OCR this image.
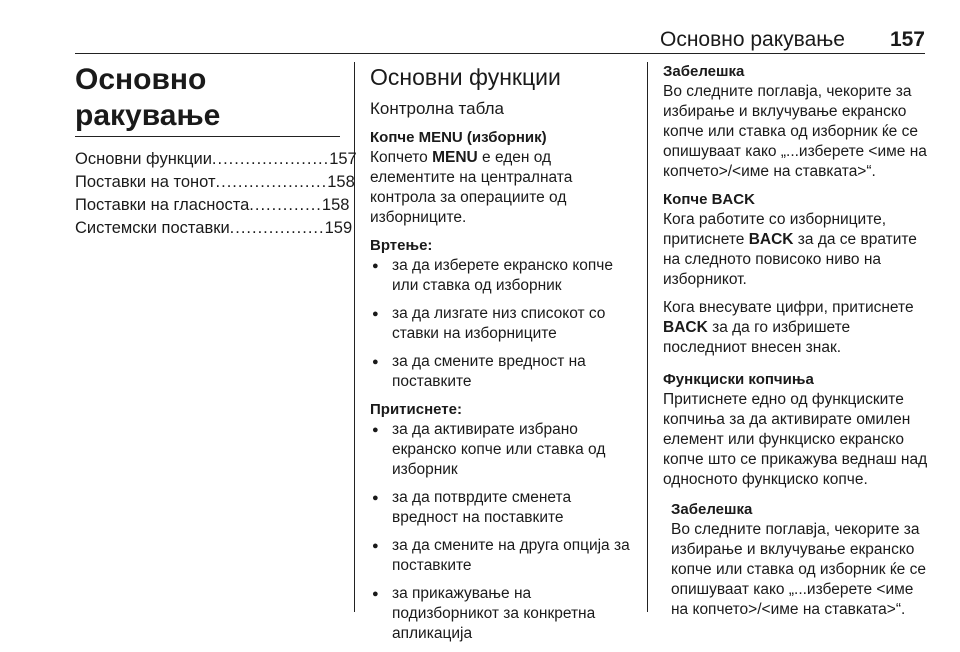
Основно ракување 157
Основно ракување
Основни функции ..................... 157
Поставки на тонот .................... 158
Поставки на гласноста ............. 158
Системски поставки ................. 159
Основни функции
Контролна табла
Копче MENU (изборник)

Копчето MENU е еден од елементите на централната контрола за операциите од изборниците.

Вртење:

● за да изберете екранско копче или ставка од изборник
● за да лизгате низ списокот со ставки на изборниците
● за да смените вредност на поставките

Притиснете:

● за да активирате избрано екранско копче или ставка од изборник
● за да потврдите сменета вредност на поставките
● за да смените на друга опција за поставките
● за прикажување на подизборникот за конкретна апликација

Забелешка

Во следните поглавја, чекорите за избирање и вклучување екранско копче или ставка од изборник ќе се опишуваат како „...изберете <име на копчето>/<име на ставката>“.

Копче BACK

Кога работите со изборниците, притиснете BACK за да се вратите на следното повисоко ниво на изборникот.

Кога внесувате цифри, притиснете BACK за да го избришете последниот внесен знак.

Функциски копчиња

Притиснете едно од функциските копчиња за да активирате омилен елемент или функциско екранско копче што се прикажува веднаш над односното функциско копче.

Забелешка

Во следните поглавја, чекорите за избирање и вклучување екранско копче или ставка од изборник ќе се опишуваат како „...изберете <име на копчето>/<име на ставката>“.
